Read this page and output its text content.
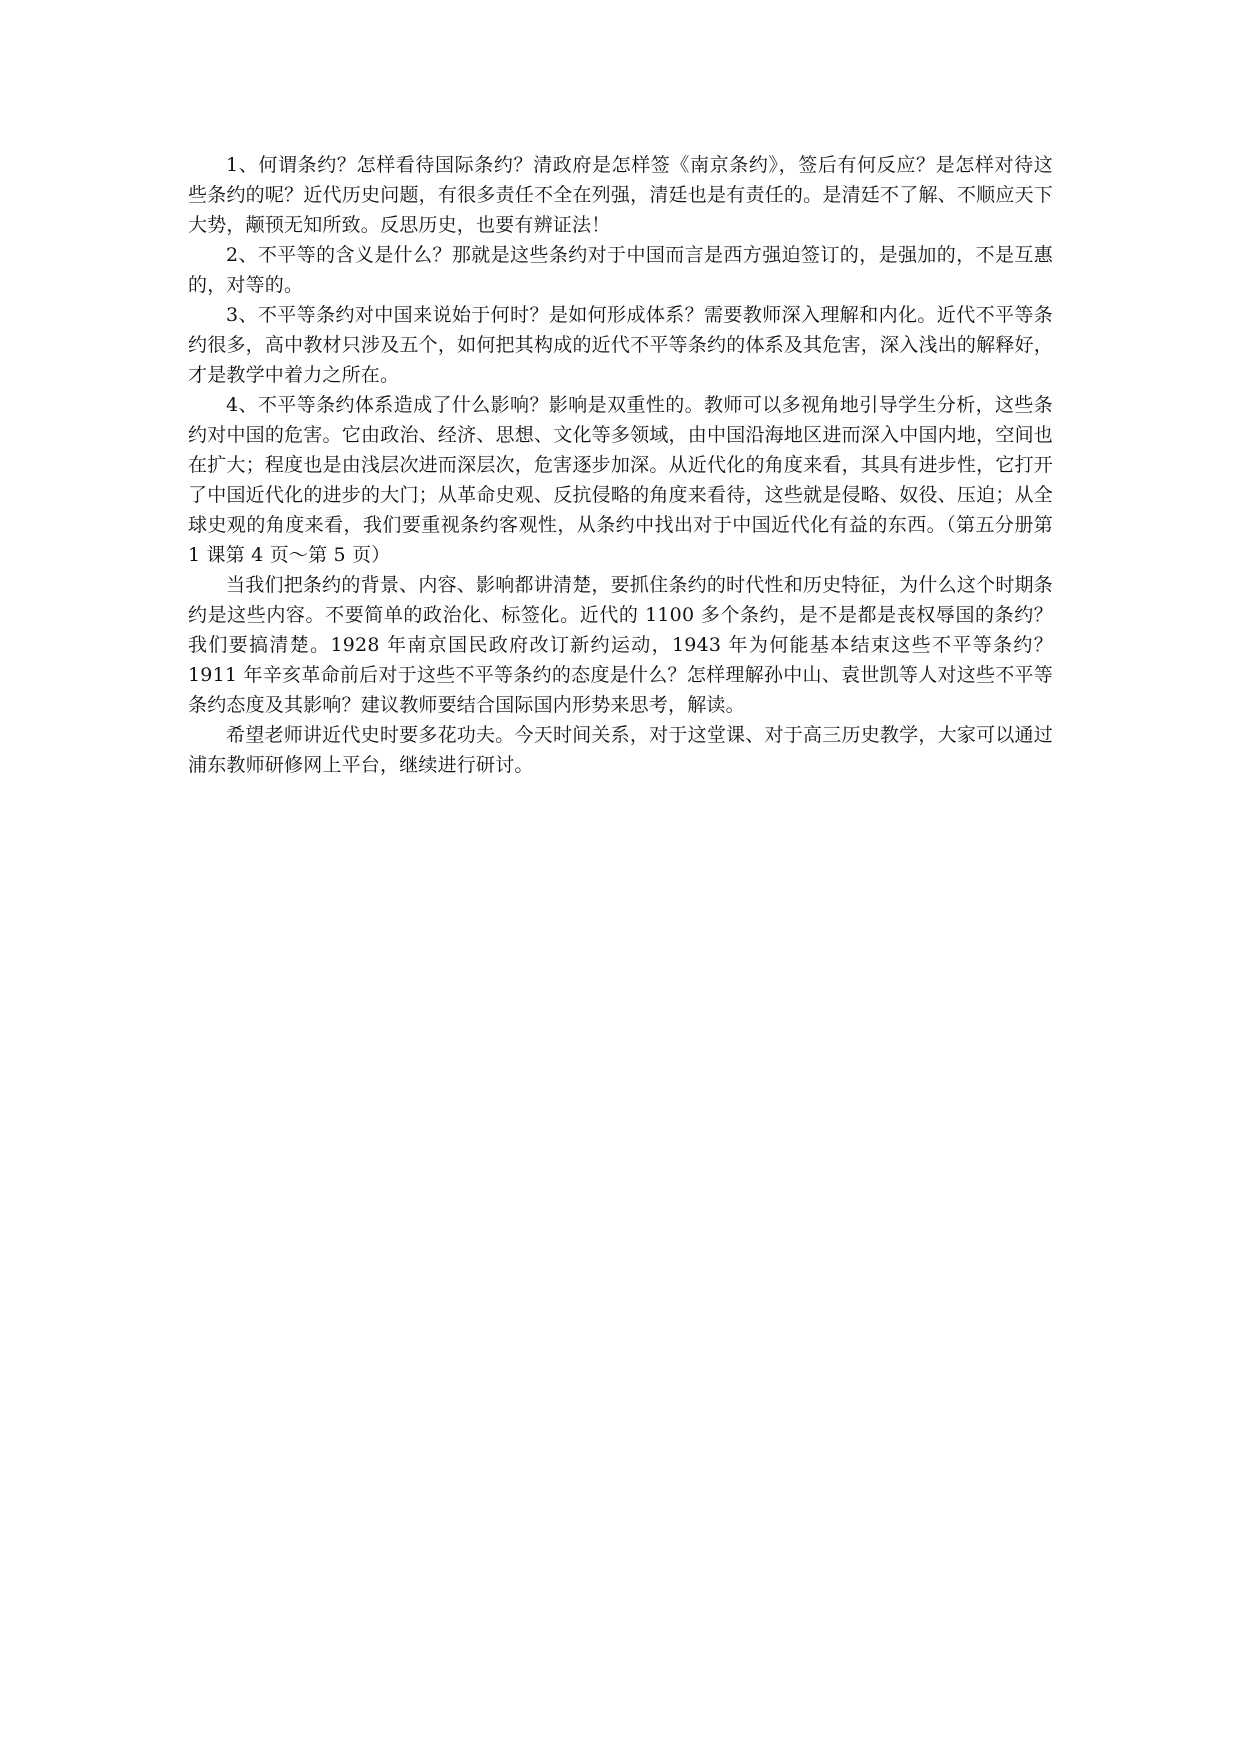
1、何谓条约？怎样看待国际条约？清政府是怎样签《南京条约》，签后有何反应？是怎样对待这些条约的呢？近代历史问题，有很多责任不全在列强，清廷也是有责任的。是清廷不了解、不顺应天下大势，颟顸无知所致。反思历史，也要有辨证法！

2、不平等的含义是什么？那就是这些条约对于中国而言是西方强迫签订的，是强加的，不是互惠的，对等的。

3、不平等条约对中国来说始于何时？是如何形成体系？需要教师深入理解和内化。近代不平等条约很多，高中教材只涉及五个，如何把其构成的近代不平等条约的体系及其危害，深入浅出的解释好，才是教学中着力之所在。

4、不平等条约体系造成了什么影响？影响是双重性的。教师可以多视角地引导学生分析，这些条约对中国的危害。它由政治、经济、思想、文化等多领域，由中国沿海地区进而深入中国内地，空间也在扩大；程度也是由浅层次进而深层次，危害逐步加深。从近代化的角度来看，其具有进步性，它打开了中国近代化的进步的大门；从革命史观、反抗侵略的角度来看待，这些就是侵略、奴役、压迫；从全球史观的角度来看，我们要重视条约客观性，从条约中找出对于中国近代化有益的东西。（第五分册第 1 课第 4 页～第 5 页）

当我们把条约的背景、内容、影响都讲清楚，要抓住条约的时代性和历史特征，为什么这个时期条约是这些内容。不要简单的政治化、标签化。近代的 1100 多个条约，是不是都是丧权辱国的条约？我们要搞清楚。1928 年南京国民政府改订新约运动，1943 年为何能基本结束这些不平等条约？1911 年辛亥革命前后对于这些不平等条约的态度是什么？怎样理解孙中山、袁世凯等人对这些不平等条约态度及其影响？建议教师要结合国际国内形势来思考，解读。

希望老师讲近代史时要多花功夫。今天时间关系，对于这堂课、对于高三历史教学，大家可以通过浦东教师研修网上平台，继续进行研讨。
